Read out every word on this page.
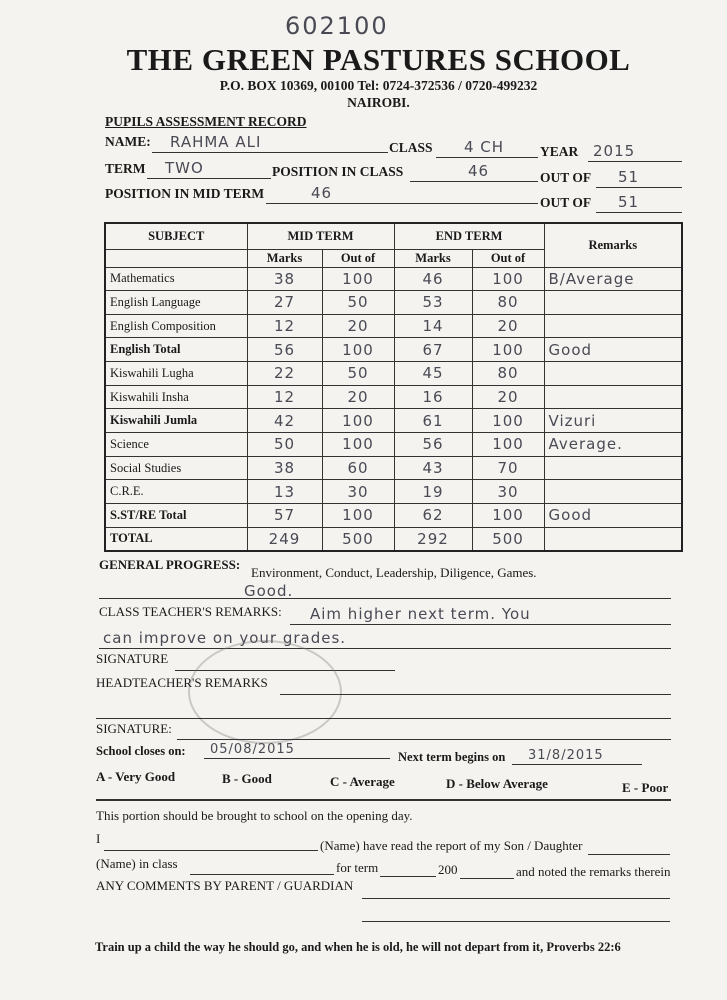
602100
THE GREEN PASTURES SCHOOL
P.O. BOX 10369, 00100 Tel: 0724-372536 / 0720-499232
NAIROBI.
PUPILS ASSESSMENT RECORD
NAME: RAHMA ALI	CLASS 4 CH	YEAR 2015
TERM TWO	POSITION IN CLASS	46	OUT OF 51
POSITION IN MID TERM	46
OUT OF 51
SUBJECT	MID TERM		END TERM		Remarks
	Marks	Out of	Marks	Out of	
Mathematics	38	100	46	100	B/Average
English Language	27	50	53	80	
English Composition	12	20	14	20	
English Total	56	100	67	100	Good
Kiswahili Lugha	22	50	45	80	
Kiswahili Insha	12	20	16	20	
Kiswahili Jumla	42	100	61	100	Vizuri
Science	50	100	56	100	Average.
Social Studies	38	60	43	70	
C.R.E.	13	30	19	30	
S.ST/RE Total	57	100	62	100	Good
TOTAL	249	500	292	500	
GENERAL PROGRESS:
Environment, Conduct, Leadership, Diligence, Games.
Good.
CLASS TEACHER'S REMARKS: Aim higher next term. You
can improve on your grades.
SIGNATURE
HEADTEACHER'S REMARKS
SIGNATURE:
School closes on: 05/08/2015	Next term begins on 31/8/2015
A - Very Good	B - Good	C - Average	D - Below Average	E - Poor
This portion should be brought to school on the opening day.
I	(Name) have read the report of my Son / Daughter
(Name) in class	for term	200	and noted the remarks therein
ANY COMMENTS BY PARENT / GUARDIAN
Train up a child the way he should go, and when he is old, he will not depart from it, Proverbs 22:6
